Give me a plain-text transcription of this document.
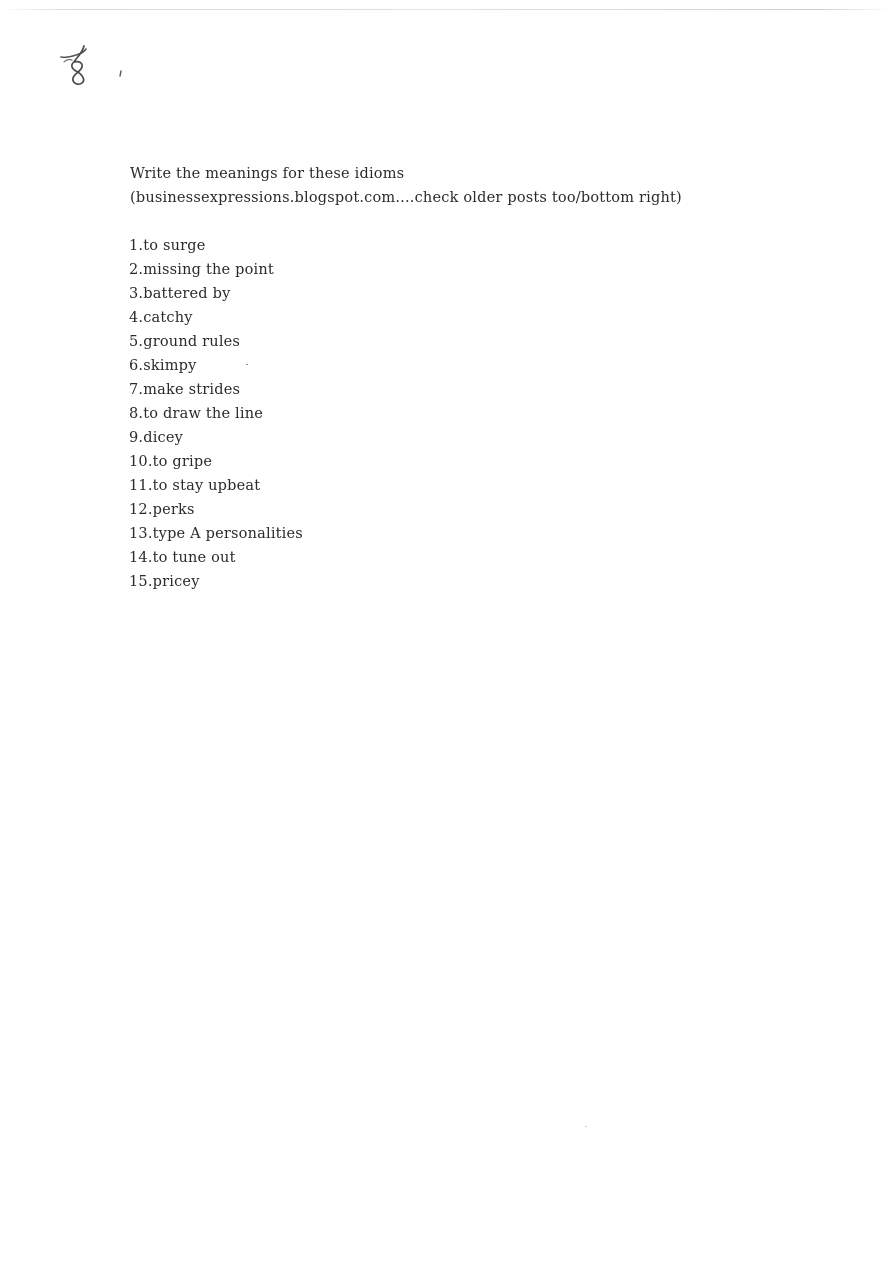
Write the meanings for these idioms

(businessexpressions.blogspot.com....check older posts too/bottom right)

1.to surge
2.missing the point
3.battered by
4.catchy
5.ground rules
6.skimpy
7.make strides
8.to draw the line
9.dicey
10.to gripe
11.to stay upbeat
12.perks
13.type A personalities
14.to tune out
15.pricey
